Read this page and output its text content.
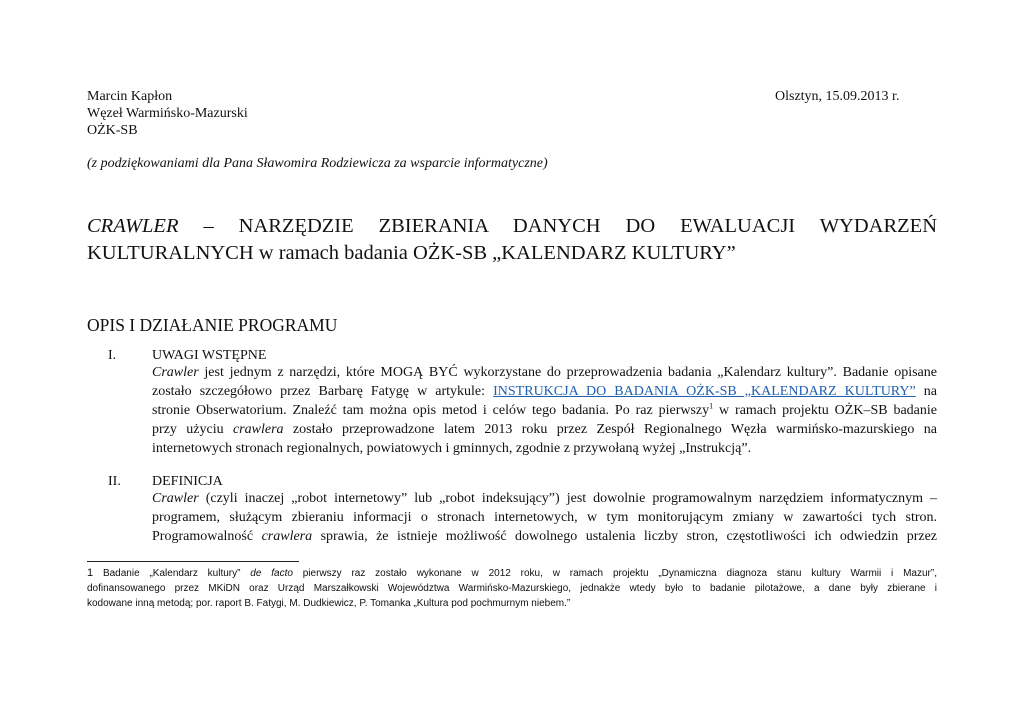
Marcin Kapłon
Węzeł Warmińsko-Mazurski
OŻK-SB
Olsztyn, 15.09.2013 r.
(z podziękowaniami dla Pana Sławomira Rodziewicza za wsparcie informatyczne)
CRAWLER – NARZĘDZIE ZBIERANIA DANYCH DO EWALUACJI WYDARZEŃ
KULTURALNYCH w ramach badania OŻK-SB „KALENDARZ KULTURY”
OPIS I DZIAŁANIE PROGRAMU
I.	UWAGI WSTĘPNE
Crawler jest jednym z narzędzi, które MOGĄ BYĆ wykorzystane do przeprowadzenia badania „Kalendarz kultury”. Badanie opisane
zostało szczegółowo przez Barbarę Fatygę w artykule: INSTRUKCJA DO BADANIA OŻK-SB „KALENDARZ KULTURY” na
stronie Obserwatorium. Znaleźć tam można opis metod i celów tego badania. Po raz pierwszy$^1$ w ramach projektu OŻK–SB badanie
przy użyciu crawlera zostało przeprowadzone latem 2013 roku przez Zespół Regionalnego Węzła warmińsko-mazurskiego na
internetowych stronach regionalnych, powiatowych i gminnych, zgodnie z przywołaną wyżej „Instrukcją”.
II. DEFINICJA
Crawler (czyli inaczej „robot internetowy” lub „robot indeksujący”) jest dowolnie programowalnym narzędziem informatycznym –
programem, służącym zbieraniu informacji o stronach internetowych, w tym monitorującym zmiany w zawartości tych stron.
Programowalność crawlera sprawia, że istnieje możliwość dowolnego ustalenia liczby stron, częstotliwości ich odwiedzin przez
1 Badanie „Kalendarz kultury” de facto pierwszy raz zostało wykonane w 2012 roku, w ramach projektu „Dynamiczna diagnoza stanu kultury Warmii i Mazur”,
dofinansowanego przez MKiDN oraz Urząd Marszałkowski Województwa Warmińsko-Mazurskiego, jednakże wtedy było to badanie pilotażowe, a dane były zbierane i
kodowane inną metodą; por. raport B. Fatygi, M. Dudkiewicz, P. Tomanka „Kultura pod pochmurnym niebem.”
